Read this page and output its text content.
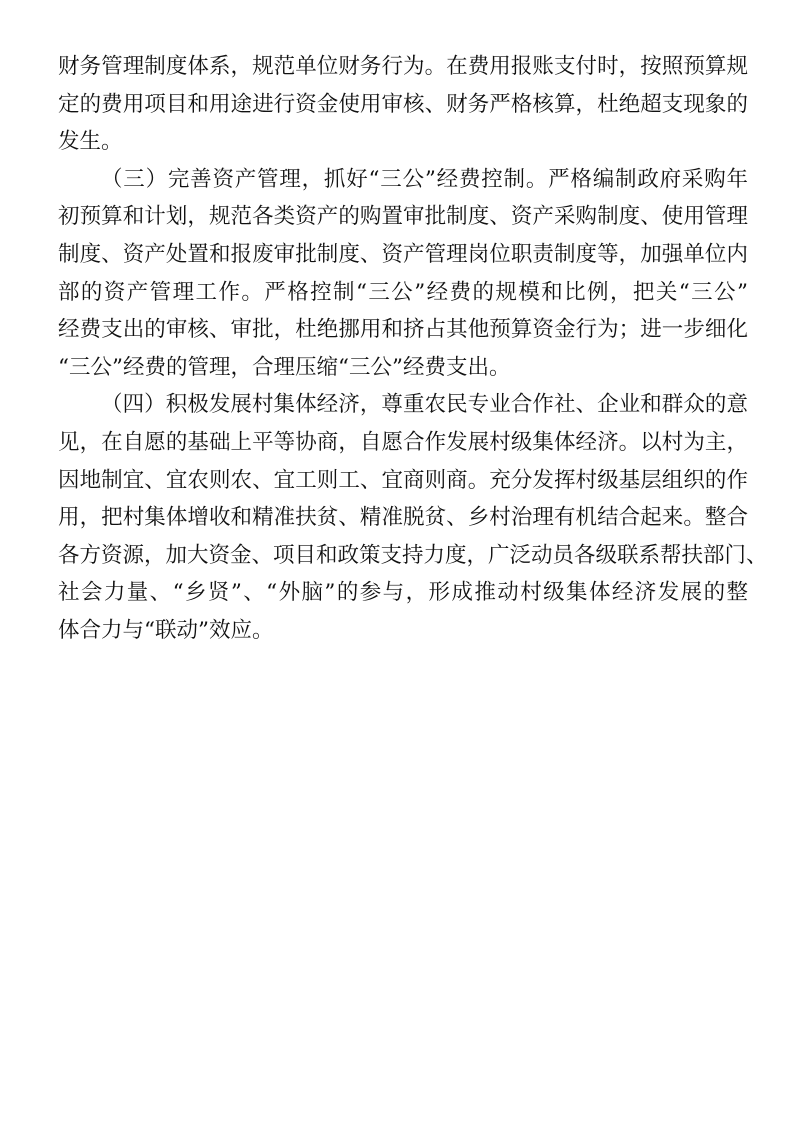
财务管理制度体系，规范单位财务行为。在费用报账支付时，按照预算规
定的费用项目和用途进行资金使用审核、财务严格核算，杜绝超支现象的
发生。
（三）完善资产管理，抓好“三公”经费控制。严格编制政府采购年
初预算和计划，规范各类资产的购置审批制度、资产采购制度、使用管理
制度、资产处置和报废审批制度、资产管理岗位职责制度等，加强单位内
部的资产管理工作。严格控制“三公”经费的规模和比例，把关“三公”
经费支出的审核、审批，杜绝挪用和挤占其他预算资金行为；进一步细化
“三公”经费的管理，合理压缩“三公”经费支出。
（四）积极发展村集体经济，尊重农民专业合作社、企业和群众的意
见，在自愿的基础上平等协商，自愿合作发展村级集体经济。以村为主，
因地制宜、宜农则农、宜工则工、宜商则商。充分发挥村级基层组织的作
用，把村集体增收和精准扶贫、精准脱贫、乡村治理有机结合起来。整合
各方资源，加大资金、项目和政策支持力度，广泛动员各级联系帮扶部门、
社会力量、“乡贤”、“外脑”的参与，形成推动村级集体经济发展的整
体合力与“联动”效应。
